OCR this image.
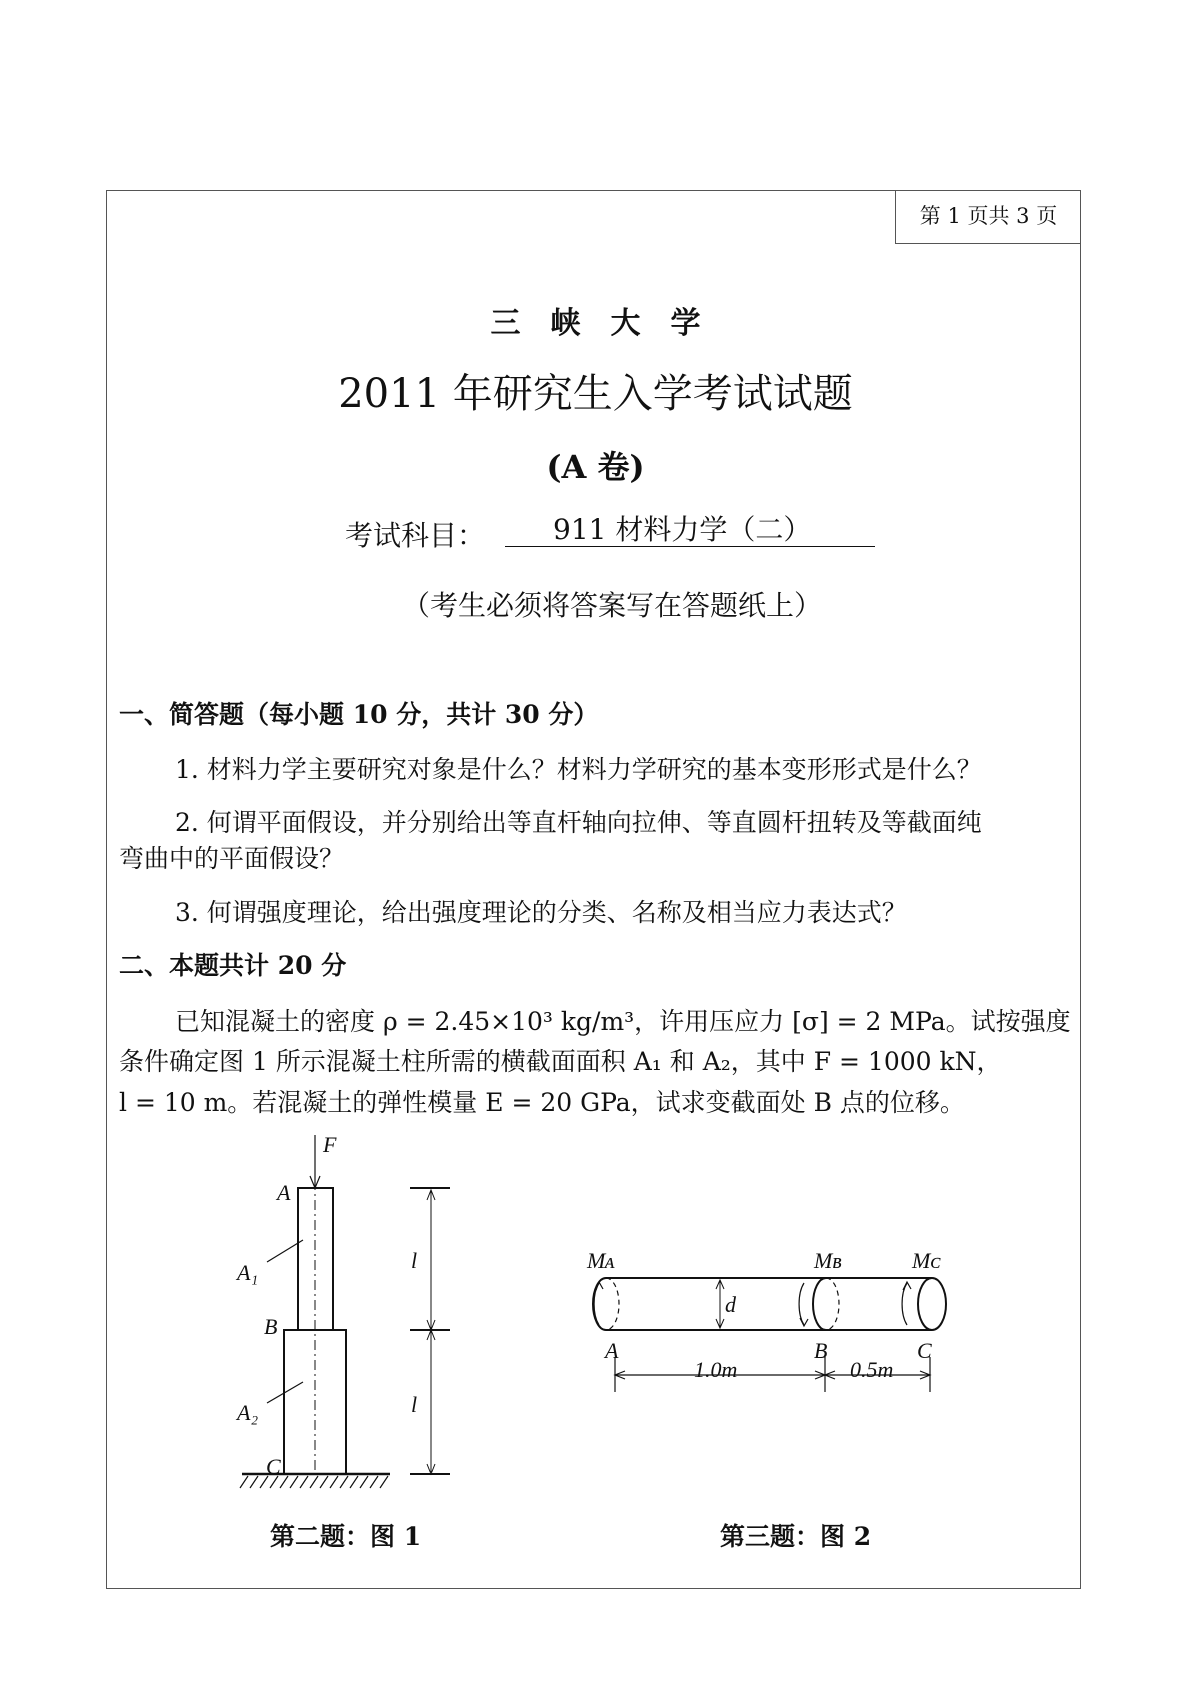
第 1 页共 3 页
三　峡　大　学
2011 年研究生入学考试试题
(A 卷)
考试科目：	911 材料力学（二）
（考生必须将答案写在答题纸上）
一、简答题（每小题 10 分，共计 30 分）
1. 材料力学主要研究对象是什么？材料力学研究的基本变形形式是什么？
2. 何谓平面假设，并分别给出等直杆轴向拉伸、等直圆杆扭转及等截面纯
弯曲中的平面假设？
3. 何谓强度理论，给出强度理论的分类、名称及相当应力表达式？
二、本题共计 20 分
已知混凝土的密度 ρ = 2.45×10³ kg/m³，许用压应力 [σ] = 2 MPa。试按强度
条件确定图 1 所示混凝土柱所需的横截面面积 A₁ 和 A₂，其中 F = 1000 kN，
l = 10 m。若混凝土的弹性模量 E = 20 GPa，试求变截面处 B 点的位移。
F
A
B
C
A₁
A₂
l
l
Mᴀ	Mʙ	Mᴄ
d
A	B	C
1.0m	0.5m
第二题：图 1	第三题：图 2
